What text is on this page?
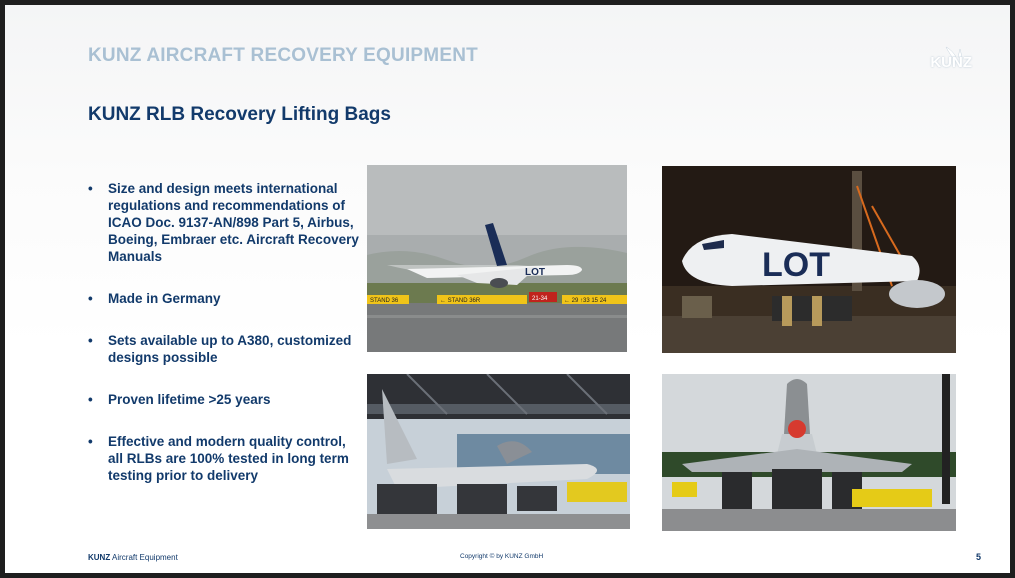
KUNZ AIRCRAFT RECOVERY EQUIPMENT	KUNZ
KUNZ RLB Recovery Lifting Bags
• Size and design meets international regulations and recommendations of ICAO Doc. 9137-AN/898 Part 5, Airbus, Boeing, Embraer etc. Aircraft Recovery Manuals
• Made in Germany
• Sets available up to A380, customized designs possible
• Proven lifetime >25 years
• Effective and modern quality control, all RLBs are 100% tested in long term testing prior to delivery
LOT
STAND 36	← STAND 36R	21-34	← 29 ↑33 15 24
LOT
KUNZ Aircraft Equipment	Copyright © by KUNZ GmbH	5
